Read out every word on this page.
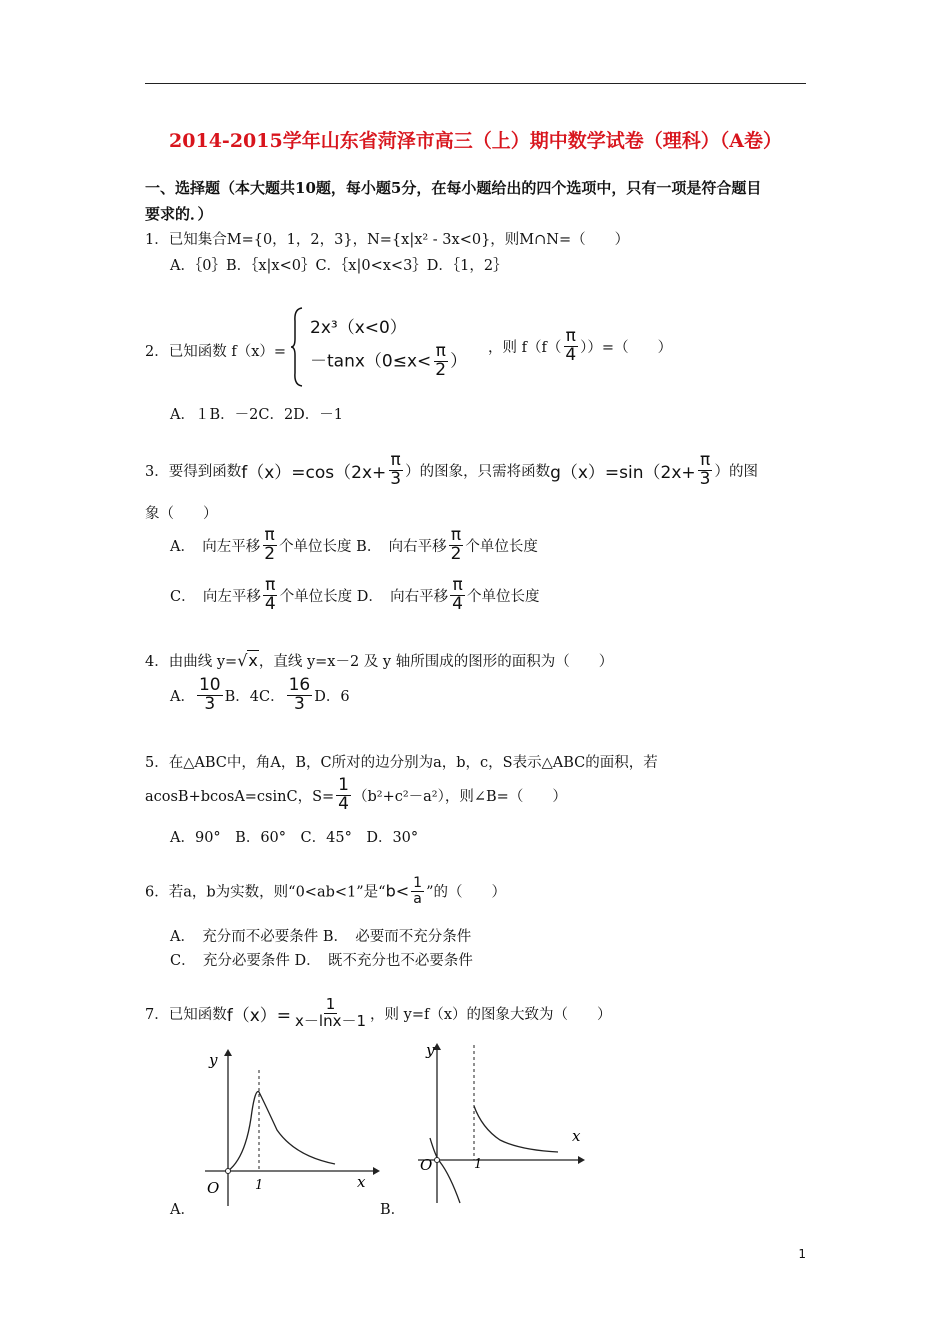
2014-2015学年山东省菏泽市高三（上）期中数学试卷（理科）（A卷）
一、选择题（本大题共10题，每小题5分，在每小题给出的四个选项中，只有一项是符合题目
要求的．）
1．已知集合M={0，1，2，3}，N={x|x² - 3x<0}，则M∩N=（　　）
A．｛0｝B．｛x|x<0｝C．｛x|0<x<3｝D．｛1，2｝
2．已知函数 f（x）=
2x³（x<0）
$-\tan x(0\le x< \frac{\pi}{2}$ ）
，则 $f(f( \frac{\pi}{4}$ ））=（　　）
A．１B．－2C．2D．－1
3．要得到函数$f(x)=\cos(2x+ \frac{\pi}{3}$ ）的图象，只需将函数$g(x)=\sin(2x+ \frac{\pi}{3}$ ）的图
象（　　）
A．　向左平移 $\frac{\pi}{2}$ 个单位长度 B．　向右平移 $\frac{\pi}{2}$ 个单位长度
C．　向左平移 $\frac{\pi}{4}$ 个单位长度 D．　向右平移 $\frac{\pi}{4}$ 个单位长度
4．由曲线 y=√x，直线 y=x－2 及 y 轴所围成的图形的面积为（　　）
A． $\frac{10}{3}$ B．4C． $\frac{16}{3}$ D．6
5．在△ABC中，角A，B，C所对的边分别为a，b，c，S表示△ABC的面积，若
acosB+bcosA=csinC，$S= \frac{1}{4} (b^2+c^2-a^2)$，则∠B=（　　）
A．90°　B．60°　C．45°　D．30°
6．若a，b为实数，则“0<ab<1”是“$b< \frac{1}{a}$ ”的（　　）
A．　充分而不必要条件 B．　必要而不充分条件
C．　充分必要条件 D．　既不充分也不必要条件
7．已知函数$f(x)= \frac{1}{x-\ln x-1}$ ，则 y=f（x）的图象大致为（　　）
y
x
O	1
A．
y
x
O	1
B．
1
